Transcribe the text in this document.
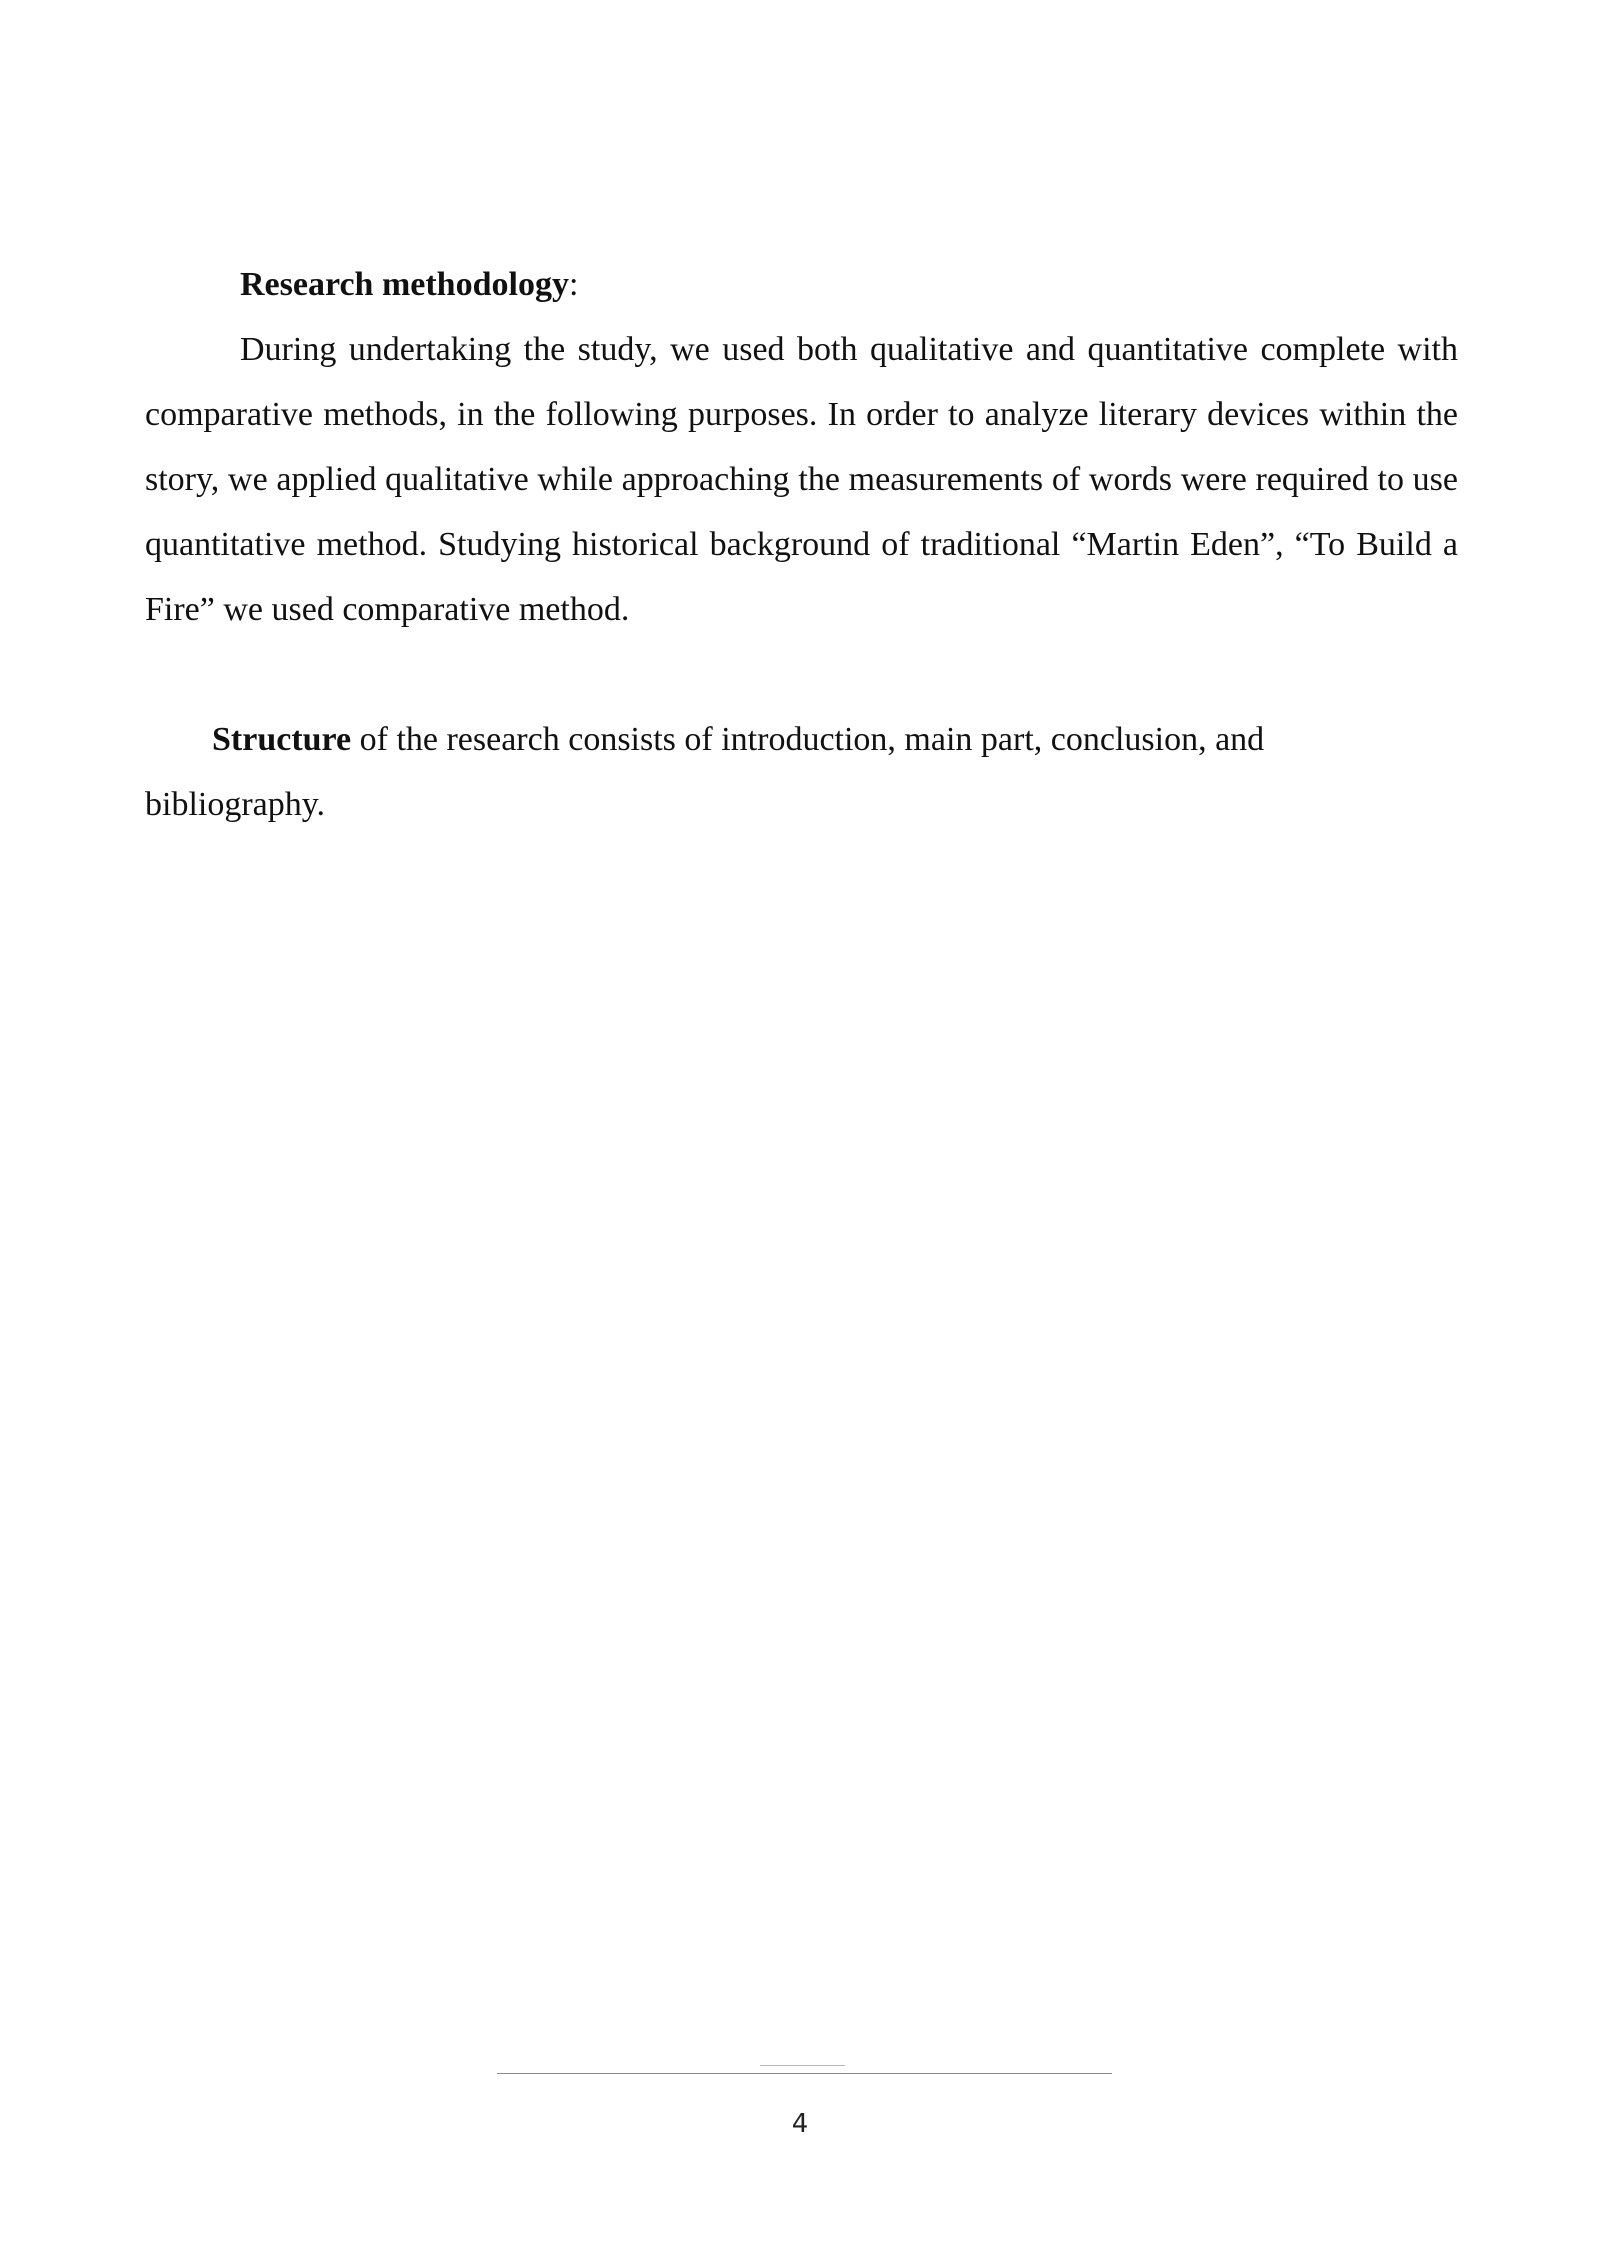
Research methodology:

During undertaking the study, we used both qualitative and quantitative complete with comparative methods, in the following purposes. In order to analyze literary devices within the story, we applied qualitative while approaching the measurements of words were required to use quantitative method. Studying historical background of traditional “Martin Eden”, “To Build a Fire” we used comparative method.

Structure of the research consists of introduction, main part, conclusion, and bibliography.

4
